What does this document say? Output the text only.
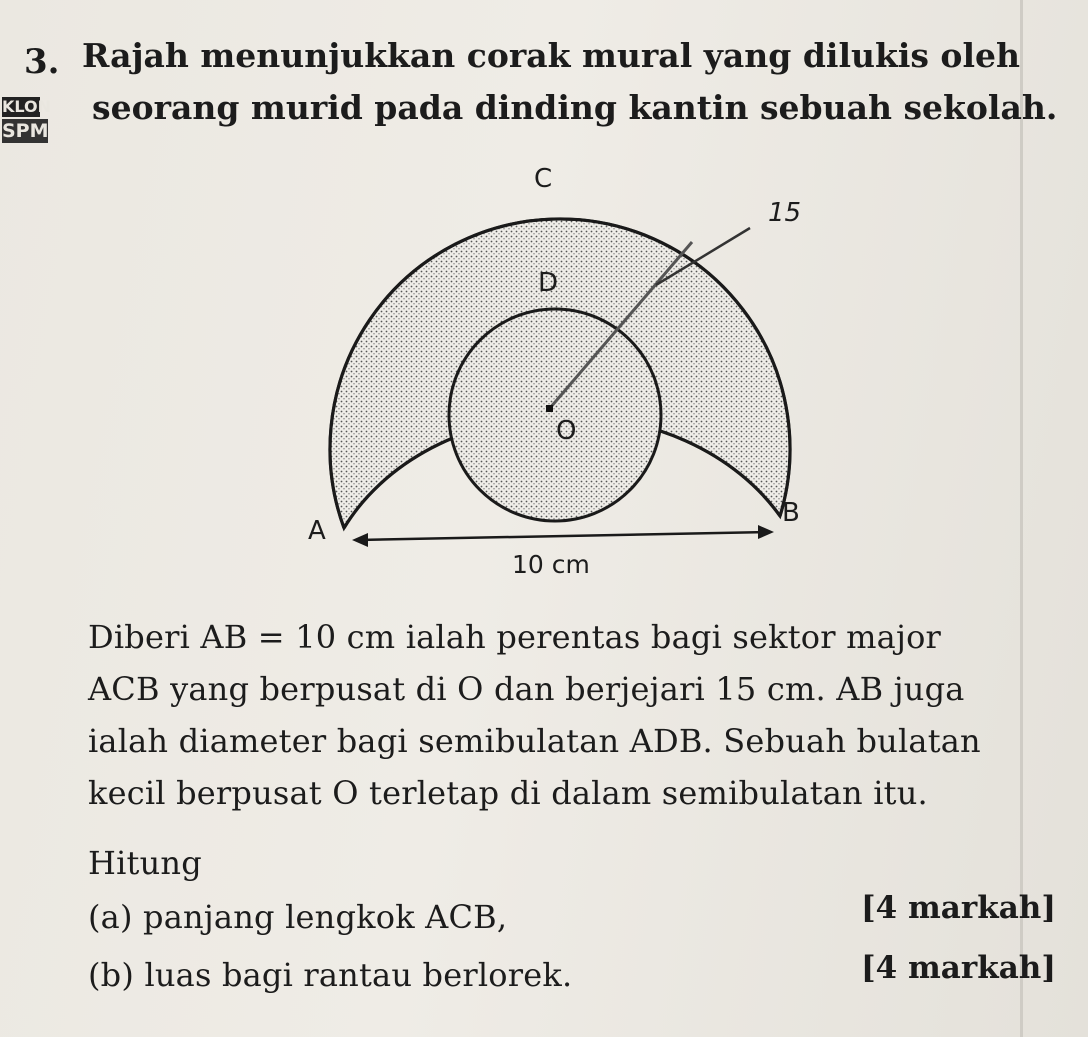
3. Rajah menunjukkan corak mural yang dilukis oleh
seorang murid pada dinding kantin sebuah sekolah.
KLON
SPM
C
D
O
A
B
15
10 cm
Diberi AB = 10 cm ialah perentas bagi sektor major
ACB yang berpusat di O dan berjejari 15 cm. AB juga
ialah diameter bagi semibulatan ADB. Sebuah bulatan
kecil berpusat O terletap di dalam semibulatan itu.
Hitung
(a) panjang lengkok ACB,	[4 markah]
(b) luas bagi rantau berlorek.	[4 markah]
